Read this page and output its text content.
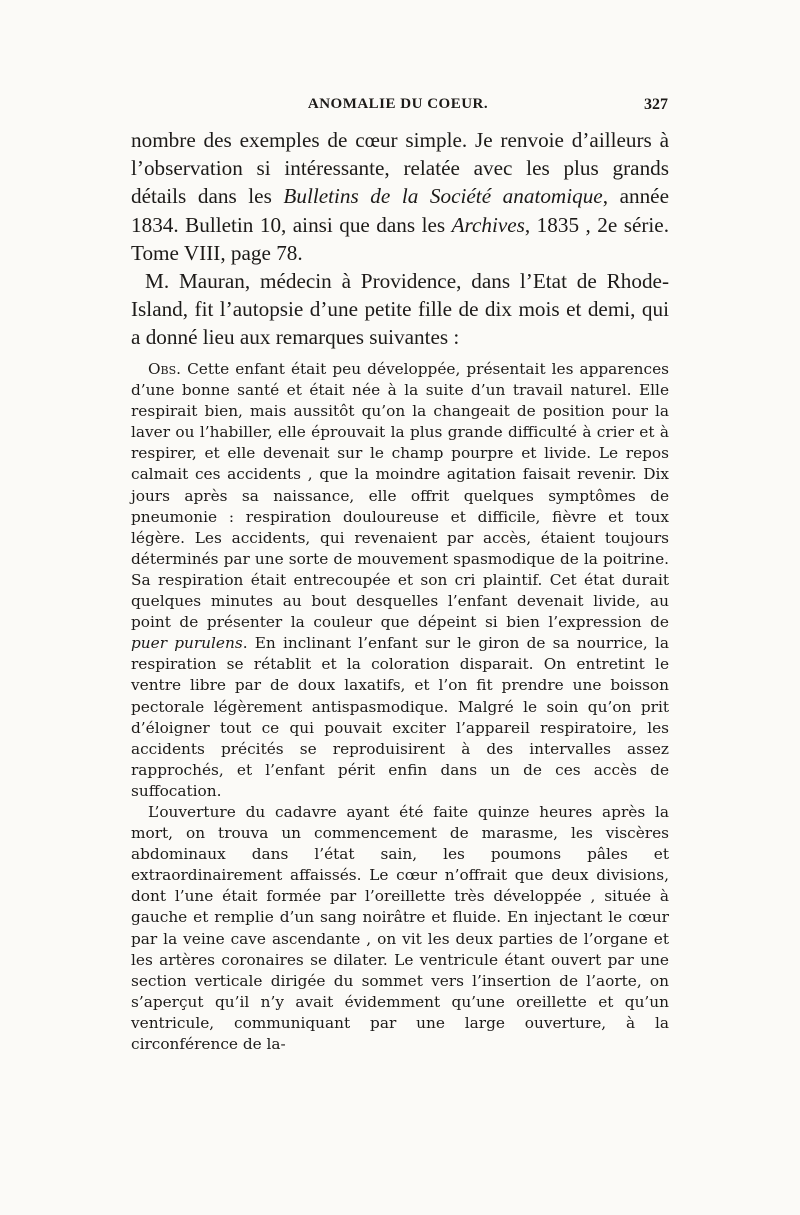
ANOMALIE DU COEUR.	327

nombre des exemples de cœur simple. Je renvoie d’ailleurs à l’observation si intéressante, relatée avec les plus grands détails dans les Bulletins de la Société anatomique, année 1834. Bulletin 10, ainsi que dans les Archives, 1835 , 2e série. Tome VIII, page 78.

M. Mauran, médecin à Providence, dans l’Etat de Rhode-Island, fit l’autopsie d’une petite fille de dix mois et demi, qui a donné lieu aux remarques suivantes :

Obs. Cette enfant était peu développée, présentait les apparences d’une bonne santé et était née à la suite d’un travail naturel. Elle respirait bien, mais aussitôt qu’on la changeait de position pour la laver ou l’habiller, elle éprouvait la plus grande difficulté à crier et à respirer, et elle devenait sur le champ pourpre et livide. Le repos calmait ces accidents , que la moindre agitation faisait revenir. Dix jours après sa naissance, elle offrit quelques symptômes de pneumonie : respiration douloureuse et difficile, fièvre et toux légère. Les accidents, qui revenaient par accès, étaient toujours déterminés par une sorte de mouvement spasmodique de la poitrine. Sa respiration était entrecoupée et son cri plaintif. Cet état durait quelques minutes au bout desquelles l’enfant devenait livide, au point de présenter la couleur que dépeint si bien l’expression de puer purulens. En inclinant l’enfant sur le giron de sa nourrice, la respiration se rétablit et la coloration disparait. On entretint le ventre libre par de doux laxatifs, et l’on fit prendre une boisson pectorale légèrement antispasmodique. Malgré le soin qu’on prit d’éloigner tout ce qui pouvait exciter l’appareil respiratoire, les accidents précités se reproduisirent à des intervalles assez rapprochés, et l’enfant périt enfin dans un de ces accès de suffocation.

L’ouverture du cadavre ayant été faite quinze heures après la mort, on trouva un commencement de marasme, les viscères abdominaux dans l’état sain, les poumons pâles et extraordinairement affaissés. Le cœur n’offrait que deux divisions, dont l’une était formée par l’oreillette très développée , située à gauche et remplie d’un sang noirâtre et fluide. En injectant le cœur par la veine cave ascendante , on vit les deux parties de l’organe et les artères coronaires se dilater. Le ventricule étant ouvert par une section verticale dirigée du sommet vers l’insertion de l’aorte, on s’aperçut qu’il n’y avait évidemment qu’une oreillette et qu’un ventricule, communiquant par une large ouverture, à la circonférence de la-
